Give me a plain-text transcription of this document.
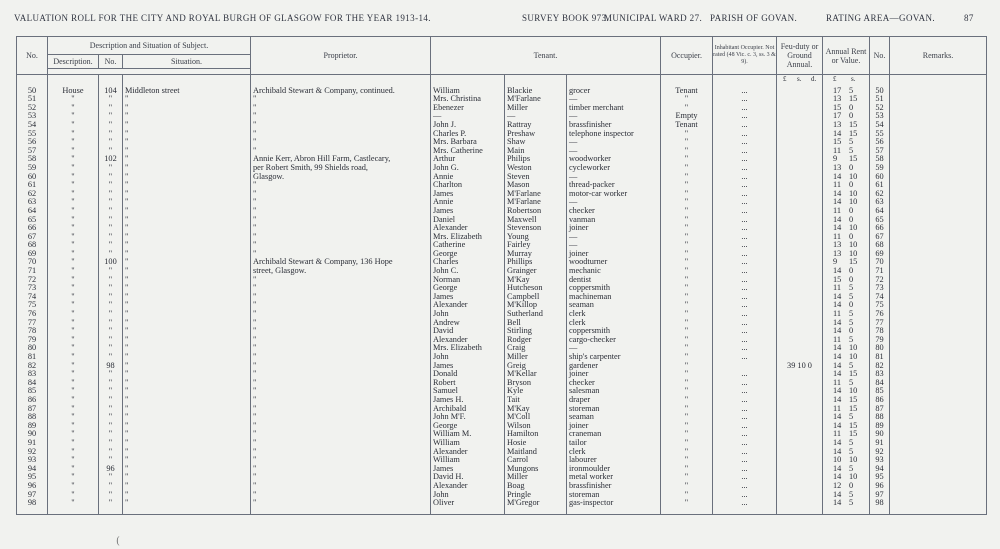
VALUATION ROLL FOR THE CITY AND ROYAL BURGH OF GLASGOW FOR THE YEAR 1913-14.	SURVEY BOOK 973.
MUNICIPAL WARD 27. PARISH OF GOVAN.	RATING AREA—GOVAN.	87
No.	Description and Situation of Subject.			Proprietor.	Tenant.			Occupier.	Inhabitant Occupier. Not rated (48 Vic. c. 3, ss. 3 & 9).	Feu-duty or Ground Annual.	Annual Rent or Value.	No.	Remarks.
	Description.	No.	Situation.										

										£ s. d.	£ s.		

50	House	104	Middleton street	Archibald Stewart & Company, continued.	William	Blackie	grocer	Tenant	...		17 5	50	
51	"	"	"	"	Mrs. Christina	M'Farlane	—	"	...		13 15	51	
52	"	"	"	"	Ebenezer	Miller	timber merchant	"	...		15 0	52	
53	"	"	"	"	—	—	—	Empty	...		17 0	53	
54	"	"	"	"	John J.	Rattray	brassfinisher	Tenant	...		13 15	54	
55	"	"	"	"	Charles P.	Preshaw	telephone inspector	"	...		14 15	55	
56	"	"	"	"	Mrs. Barbara	Shaw	—	"	...		15 5	56	
57	"	"	"	"	Mrs. Catherine	Main	—	"	...		11 5	57	
58	"	102	"	Annie Kerr, Abron Hill Farm, Castlecary,	Arthur	Philips	woodworker	"	...		9 15	58	
59	"	"	"	per Robert Smith, 99 Shields road,	John G.	Weston	cycleworker	"	...		13 0	59	
60	"	"	"	Glasgow.	Annie	Steven	—	"	...		14 10	60	
61	"	"	"	"	Charlton	Mason	thread-packer	"	...		11 0	61	
62	"	"	"	"	James	M'Farlane	motor-car worker	"	...		14 10	62	
63	"	"	"	"	Annie	M'Farlane	—	"	...		14 10	63	
64	"	"	"	"	James	Robertson	checker	"	...		11 0	64	
65	"	"	"	"	Daniel	Maxwell	vanman	"	...		14 0	65	
66	"	"	"	"	Alexander	Stevenson	joiner	"	...		14 10	66	
67	"	"	"	"	Mrs. Elizabeth	Young	—	"	...		11 0	67	
68	"	"	"	"	Catherine	Fairley	—	"	...		13 10	68	
69	"	"	"	"	George	Murray	joiner	"	...		13 10	69	
70	"	100	"	Archibald Stewart & Company, 136 Hope	Charles	Phillips	woodturner	"	...		9 15	70	
71	"	"	"	street, Glasgow.	John C.	Grainger	mechanic	"	...		14 0	71	
72	"	"	"	"	Norman	M'Kay	dentist	"	...		15 0	72	
73	"	"	"	"	George	Hutcheson	coppersmith	"	...		11 5	73	
74	"	"	"	"	James	Campbell	machineman	"	...		14 5	74	
75	"	"	"	"	Alexander	M'Killop	seaman	"	...		14 0	75	
76	"	"	"	"	John	Sutherland	clerk	"	...		11 5	76	
77	"	"	"	"	Andrew	Bell	clerk	"	...		14 5	77	
78	"	"	"	"	David	Stirling	coppersmith	"	...		14 0	78	
79	"	"	"	"	Alexander	Rodger	cargo-checker	"	...		11 5	79	
80	"	"	"	"	Mrs. Elizabeth	Craig	—	"	...		14 10	80	
81	"	"	"	"	John	Miller	ship's carpenter	"	...		14 10	81	
82	"	98	"	"	James	Greig	gardener	"		39 10 0	14 5	82	
83	"	"	"	"	Donald	M'Kellar	joiner	"	...		14 15	83	
84	"	"	"	"	Robert	Bryson	checker	"	...		11 5	84	
85	"	"	"	"	Samuel	Kyle	salesman	"	...		14 10	85	
86	"	"	"	"	James H.	Tait	draper	"	...		14 15	86	
87	"	"	"	"	Archibald	M'Kay	storeman	"	...		11 15	87	
88	"	"	"	"	John M'F.	M'Coll	seaman	"	...		14 5	88	
89	"	"	"	"	George	Wilson	joiner	"	...		14 15	89	
90	"	"	"	"	William M.	Hamilton	craneman	"	...		11 15	90	
91	"	"	"	"	William	Hosie	tailor	"	...		14 5	91	
92	"	"	"	"	Alexander	Maitland	clerk	"	...		14 5	92	
93	"	"	"	"	William	Carrol	labourer	"	...		10 10	93	
94	"	96	"	"	James	Mungons	ironmoulder	"	...		14 5	94	
95	"	"	"	"	David H.	Miller	metal worker	"	...		14 10	95	
96	"	"	"	"	Alexander	Boag	brassfinisher	"	...		12 0	96	
97	"	"	"	"	John	Pringle	storeman	"	...		14 5	97	
98	"	"	"	"	Oliver	M'Gregor	gas-inspector	"	...		14 5	98	
(
